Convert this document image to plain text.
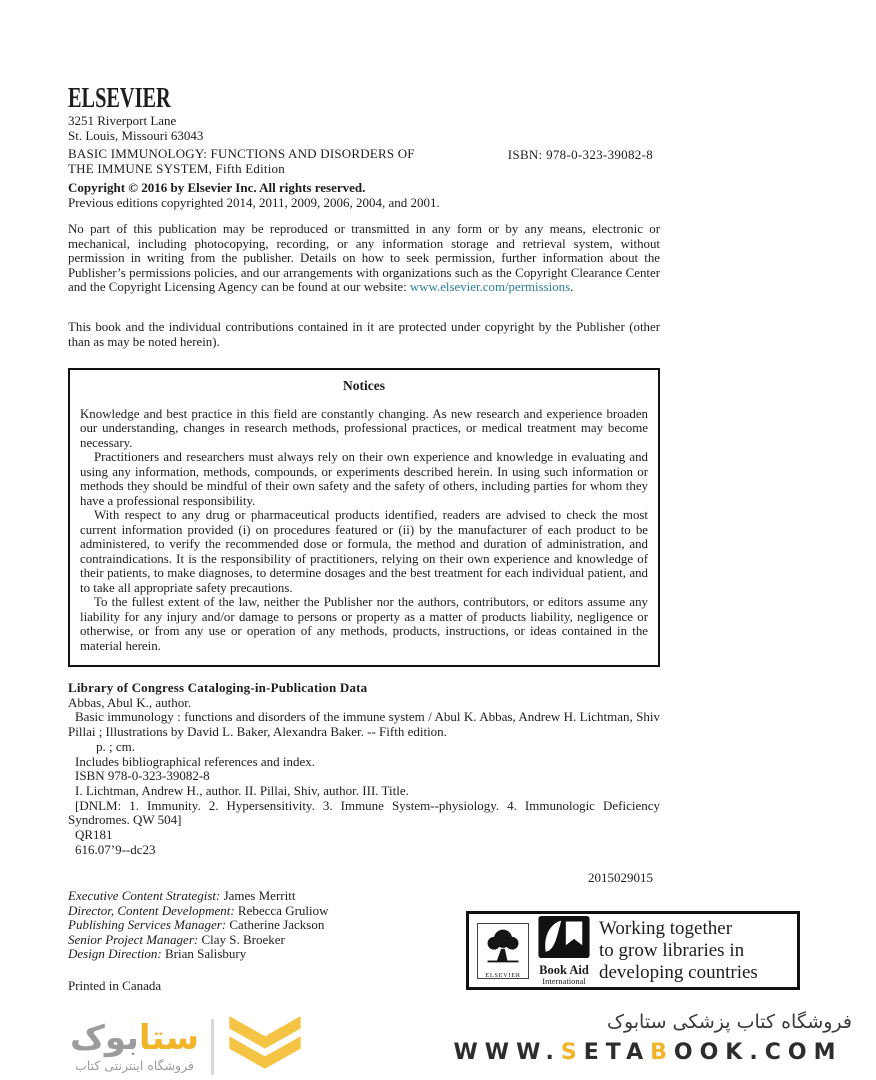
ELSEVIER
3251 Riverport Lane
St. Louis, Missouri 63043
BASIC IMMUNOLOGY: FUNCTIONS AND DISORDERS OF
THE IMMUNE SYSTEM, Fifth Edition
ISBN: 978-0-323-39082-8
Copyright © 2016 by Elsevier Inc. All rights reserved.
Previous editions copyrighted 2014, 2011, 2009, 2006, 2004, and 2001.

No part of this publication may be reproduced or transmitted in any form or by any means, electronic or mechanical, including photocopying, recording, or any information storage and retrieval system, without permission in writing from the publisher. Details on how to seek permission, further information about the Publisher’s permissions policies, and our arrangements with organizations such as the Copyright Clearance Center and the Copyright Licensing Agency can be found at our website: www.elsevier.com/permissions.

This book and the individual contributions contained in it are protected under copyright by the Publisher (other than as may be noted herein).

Notices

Knowledge and best practice in this field are constantly changing. As new research and experience broaden our understanding, changes in research methods, professional practices, or medical treatment may become necessary.

Practitioners and researchers must always rely on their own experience and knowledge in evaluating and using any information, methods, compounds, or experiments described herein. In using such information or methods they should be mindful of their own safety and the safety of others, including parties for whom they have a professional responsibility.

With respect to any drug or pharmaceutical products identified, readers are advised to check the most current information provided (i) on procedures featured or (ii) by the manufacturer of each product to be administered, to verify the recommended dose or formula, the method and duration of administration, and contraindications. It is the responsibility of practitioners, relying on their own experience and knowledge of their patients, to make diagnoses, to determine dosages and the best treatment for each individual patient, and to take all appropriate safety precautions.

To the fullest extent of the law, neither the Publisher nor the authors, contributors, or editors assume any liability for any injury and/or damage to persons or property as a matter of products liability, negligence or otherwise, or from any use or operation of any methods, products, instructions, or ideas contained in the material herein.

Library of Congress Cataloging-in-Publication Data
Abbas, Abul K., author.

Basic immunology : functions and disorders of the immune system / Abul K. Abbas, Andrew H. Lichtman, Shiv Pillai ; Illustrations by David L. Baker, Alexandra Baker. -- Fifth edition.

p. ; cm.
Includes bibliographical references and index.
ISBN 978-0-323-39082-8
I. Lichtman, Andrew H., author. II. Pillai, Shiv, author. III. Title.

[DNLM: 1. Immunity. 2. Hypersensitivity. 3. Immune System--physiology. 4. Immunologic Deficiency Syndromes. QW 504]

QR181
616.07’9--dc23
2015029015
Executive Content Strategist: James Merritt
Director, Content Development: Rebecca Gruliow
Publishing Services Manager: Catherine Jackson
Senior Project Manager: Clay S. Broeker
Design Direction: Brian Salisbury
Printed in Canada
ELSEVIER Book Aid
International
Working together
to grow libraries in
developing countries
ستابوک
فروشگاه اینترنتی کتاب
فروشگاه کتاب پزشکی ستابوک
WWW.SETABOOK.COM
